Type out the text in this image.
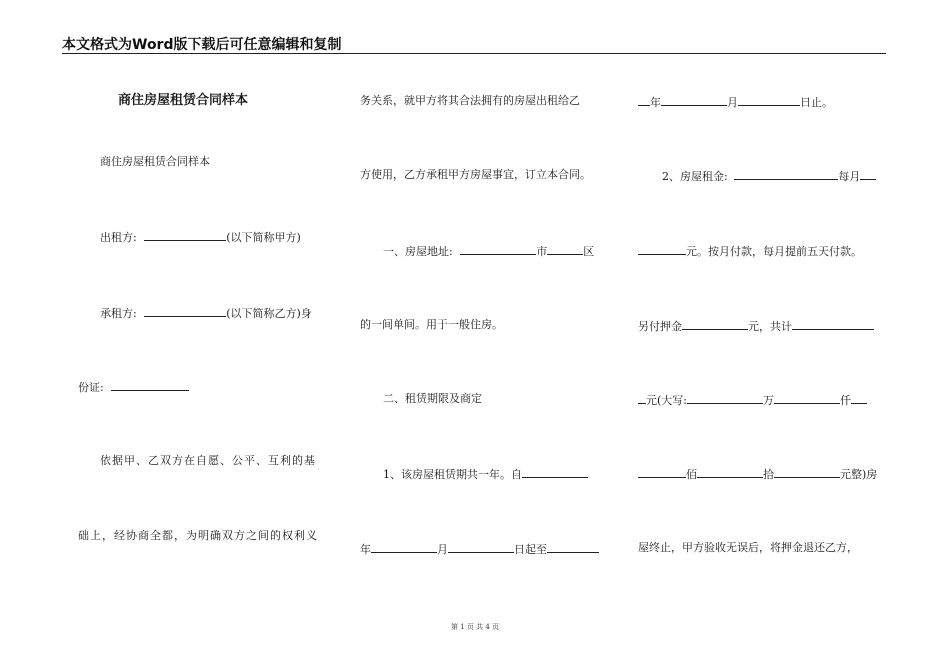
本文格式为Word版下载后可任意编辑和复制
商住房屋租赁合同样本
商住房屋租赁合同样本
出租方:	(以下简称甲方)
承租方:	(以下简称乙方)身
份证:
依据甲、乙双方在自愿、公平、互利的基
础上，经协商全都，为明确双方之间的权利义
务关系，就甲方将其合法拥有的房屋出租给乙
方使用，乙方承租甲方房屋事宜，订立本合同。
一、房屋地址:	市	区
的一间单间。用于一般住房。
二、租赁期限及商定
1、该房屋租赁期共一年。自
年	月	日起至
年	月	日止。
2、房屋租金:	每月
元。按月付款，每月提前五天付款。
另付押金	元，共计
元(大写:	万	仟
佰	拾	元整)房
屋终止，甲方验收无误后，将押金退还乙方，
第 1 页 共 4 页
